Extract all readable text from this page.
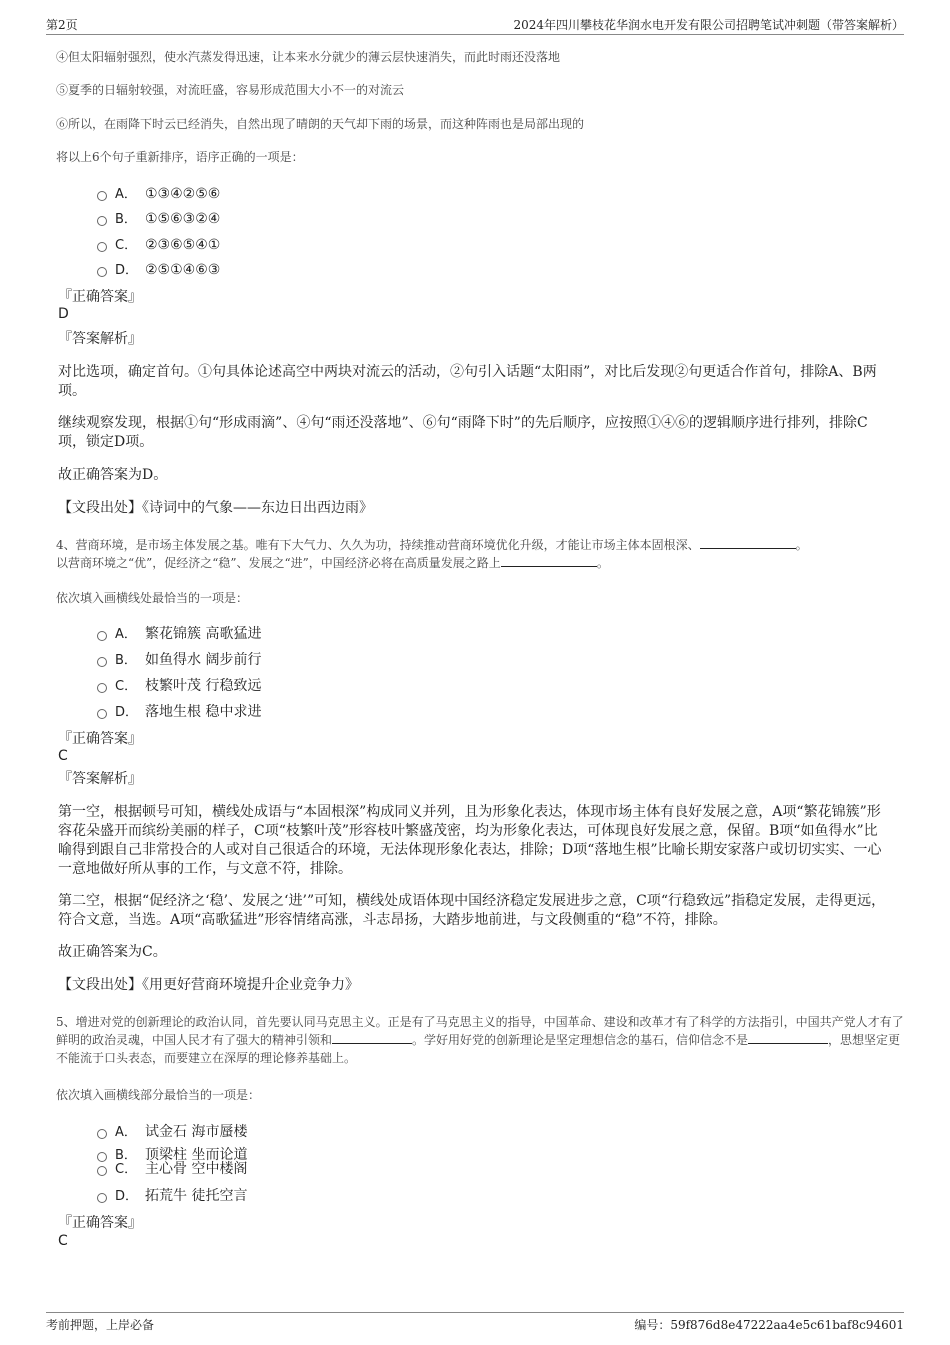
第2页	2024年四川攀枝花华润水电开发有限公司招聘笔试冲刺题（带答案解析）
④但太阳辐射强烈，使水汽蒸发得迅速，让本来水分就少的薄云层快速消失，而此时雨还没落地
⑤夏季的日辐射较强，对流旺盛，容易形成范围大小不一的对流云
⑥所以，在雨降下时云已经消失，自然出现了晴朗的天气却下雨的场景，而这种阵雨也是局部出现的
将以上6个句子重新排序，语序正确的一项是：
A． ①③④②⑤⑥
B． ①⑤⑥③②④
C． ②③⑥⑤④①
D． ②⑤①④⑥③
『正确答案』
D
『答案解析』
对比选项，确定首句。①句具体论述高空中两块对流云的活动，②句引入话题“太阳雨”，对比后发现②句更适合作首句，排除A、B两项。
继续观察发现，根据①句“形成雨滴”、④句“雨还没落地”、⑥句“雨降下时”的先后顺序，应按照①④⑥的逻辑顺序进行排列，排除C项，锁定D项。
故正确答案为D。
【文段出处】《诗词中的气象——东边日出西边雨》
4、营商环境，是市场主体发展之基。唯有下大气力、久久为功，持续推动营商环境优化升级，才能让市场主体本固根深、	。
以营商环境之“优”，促经济之“稳”、发展之“进”，中国经济必将在高质量发展之路上	。
依次填入画横线处最恰当的一项是：
A． 繁花锦簇 高歌猛进
B． 如鱼得水 阔步前行
C． 枝繁叶茂 行稳致远
D． 落地生根 稳中求进
『正确答案』
C
『答案解析』
第一空，根据顿号可知，横线处成语与“本固根深”构成同义并列，且为形象化表达，体现市场主体有良好发展之意，A项“繁花锦簇”形容花朵盛开而缤纷美丽的样子，C项“枝繁叶茂”形容枝叶繁盛茂密，均为形象化表达，可体现良好发展之意，保留。B项“如鱼得水”比喻得到跟自己非常投合的人或对自己很适合的环境，无法体现形象化表达，排除；D项“落地生根”比喻长期安家落户或切切实实、一心一意地做好所从事的工作，与文意不符，排除。
第二空，根据“促经济之‘稳’、发展之‘进’”可知，横线处成语体现中国经济稳定发展进步之意，C项“行稳致远”指稳定发展，走得更远，符合文意，当选。A项“高歌猛进”形容情绪高涨，斗志昂扬，大踏步地前进，与文段侧重的“稳”不符，排除。
故正确答案为C。
【文段出处】《用更好营商环境提升企业竞争力》
5、增进对党的创新理论的政治认同，首先要认同马克思主义。正是有了马克思主义的指导，中国革命、建设和改革才有了科学的方法指引，中国共产党人才有了鲜明的政治灵魂，中国人民才有了强大的精神引领和	。学好用好党的创新理论是坚定理想信念的基石，信仰信念不是	，思想坚定更不能流于口头表态，而要建立在深厚的理论修养基础上。
依次填入画横线部分最恰当的一项是：
A． 试金石 海市蜃楼
B． 顶梁柱 坐而论道
C． 主心骨 空中楼阁
D． 拓荒牛 徒托空言
『正确答案』
C
考前押题，上岸必备	编号：59f876d8e47222aa4e5c61baf8c94601
